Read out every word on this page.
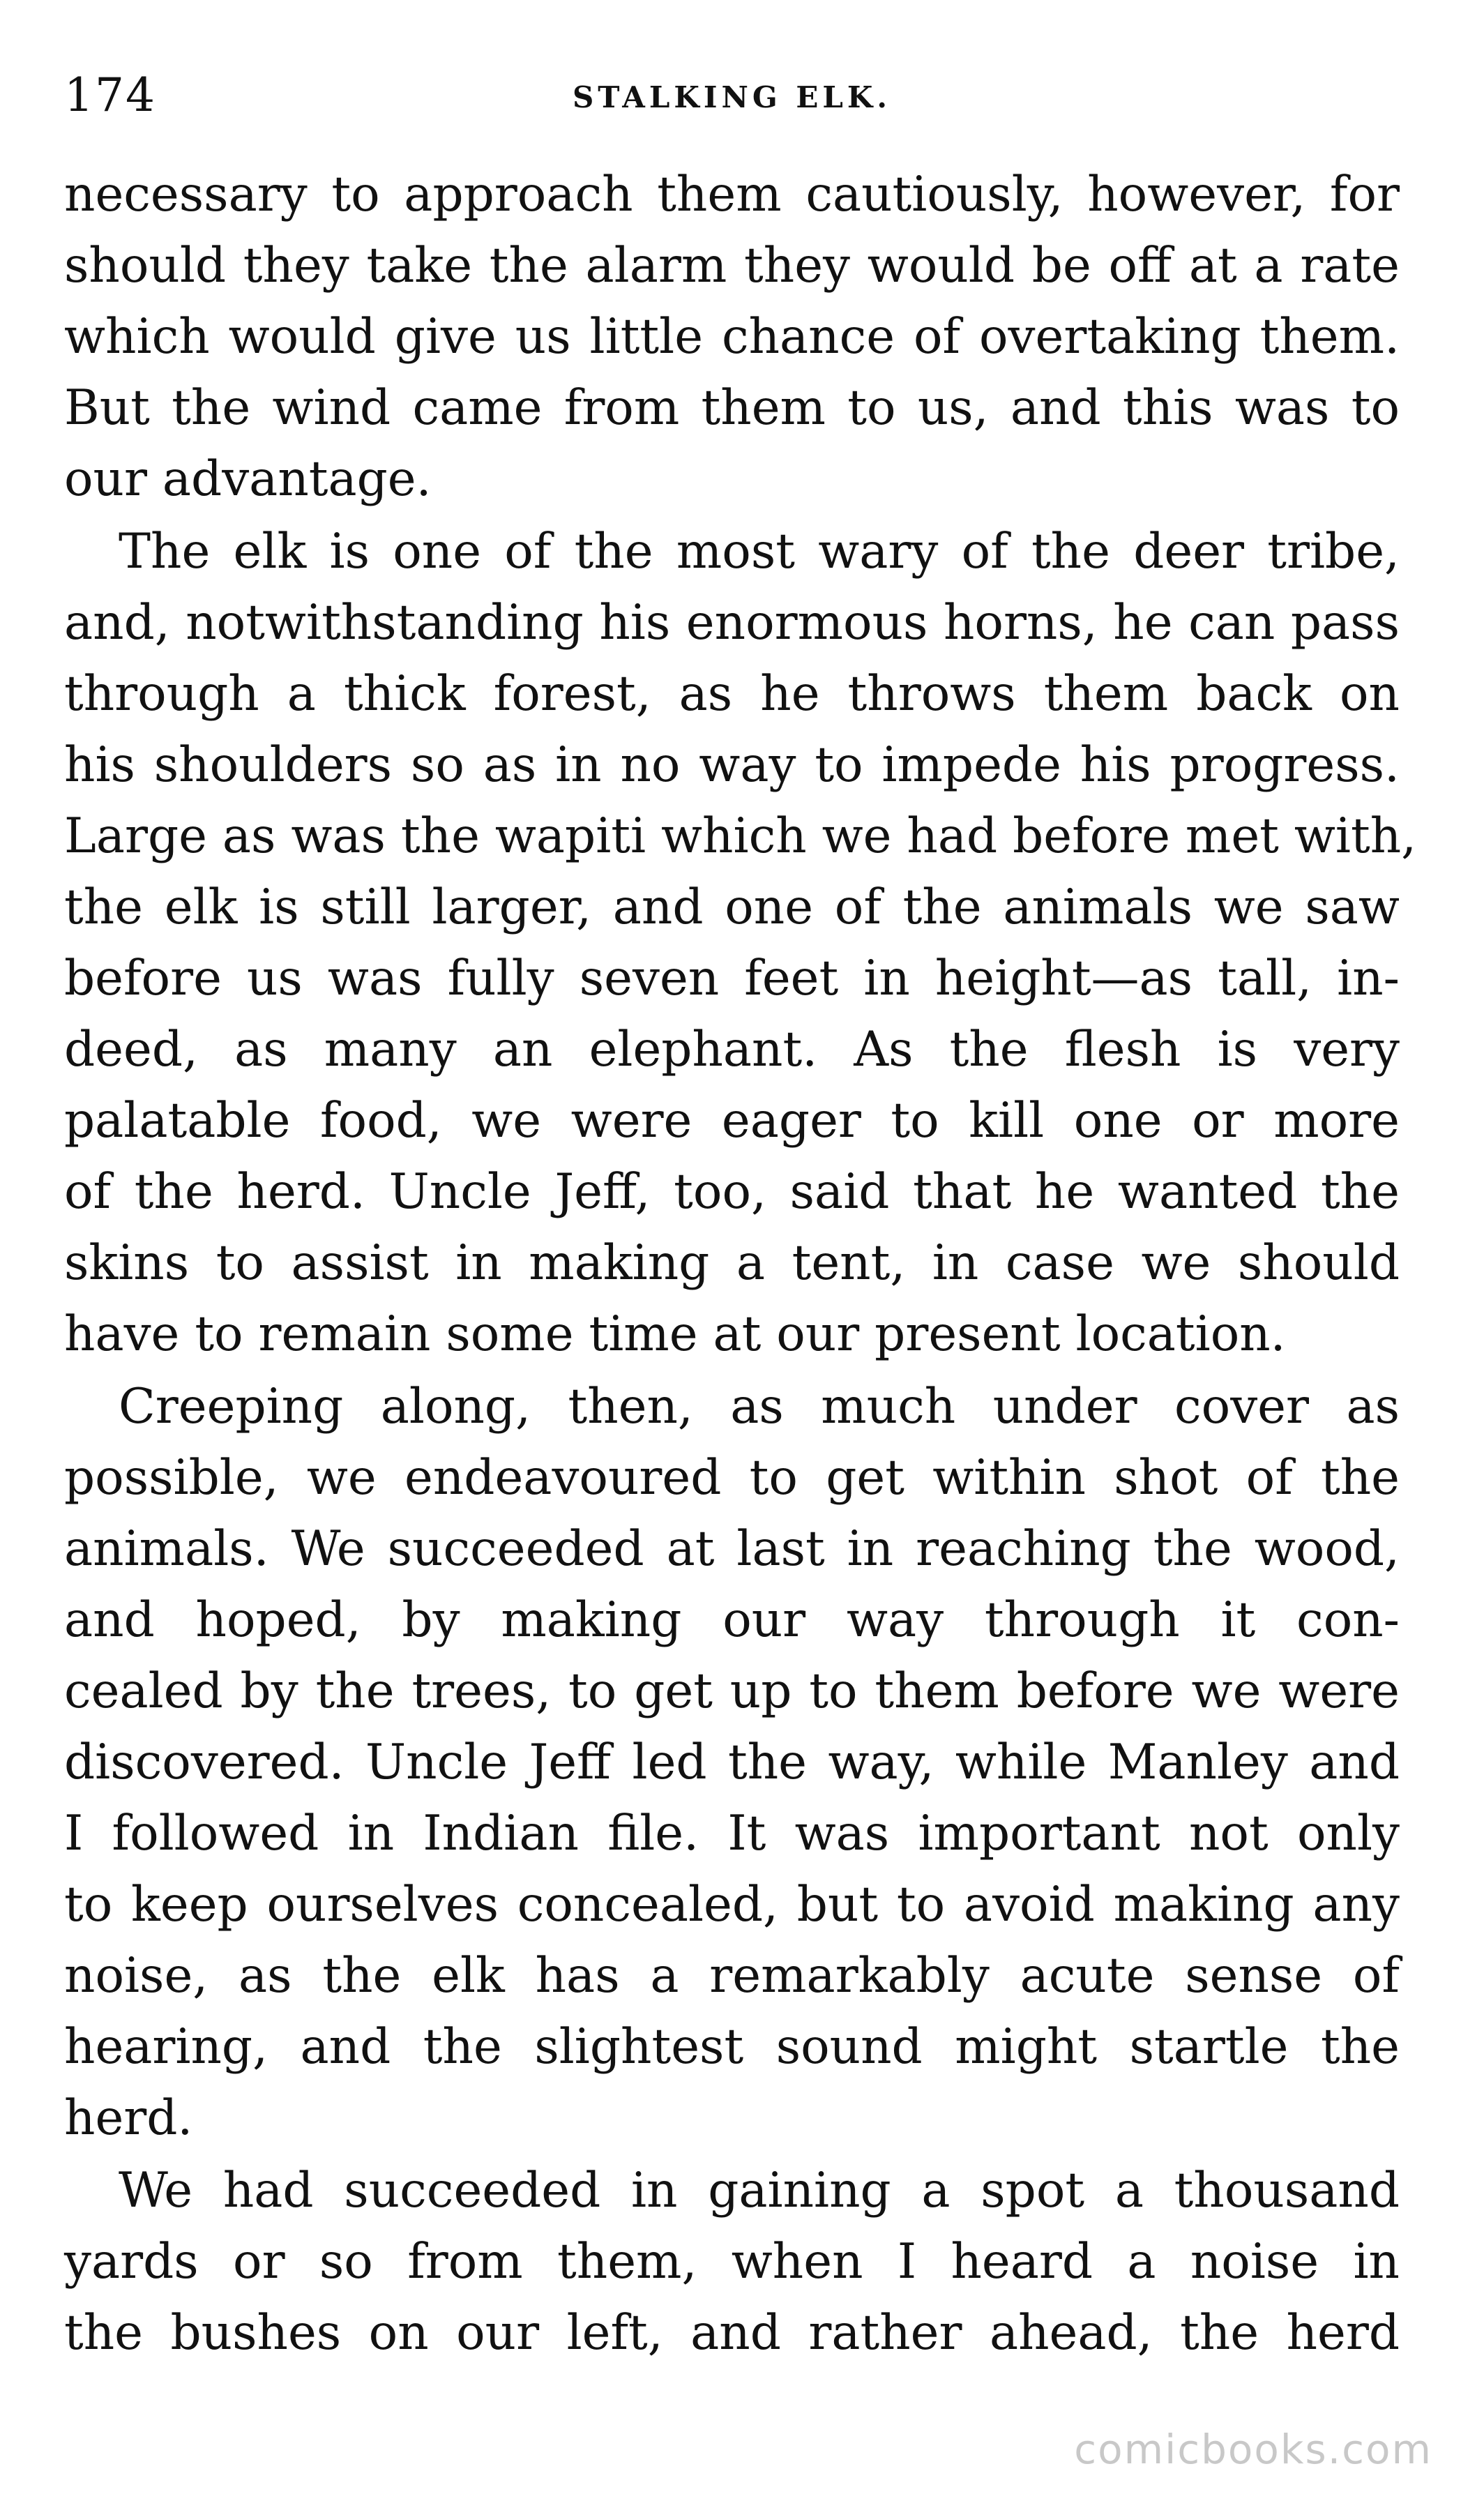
174	STALKING ELK.
necessary to approach them cautiously, however, for
should they take the alarm they would be off at a rate
which would give us little chance of overtaking them.
But the wind came from them to us, and this was to
our advantage.
The elk is one of the most wary of the deer tribe,
and, notwithstanding his enormous horns, he can pass
through a thick forest, as he throws them back on
his shoulders so as in no way to impede his progress.
Large as was the wapiti which we had before met with,
the elk is still larger, and one of the animals we saw
before us was fully seven feet in height—as tall, in-
deed, as many an elephant. As the flesh is very
palatable food, we were eager to kill one or more
of the herd. Uncle Jeff, too, said that he wanted the
skins to assist in making a tent, in case we should
have to remain some time at our present location.
Creeping along, then, as much under cover as
possible, we endeavoured to get within shot of the
animals. We succeeded at last in reaching the wood,
and hoped, by making our way through it con-
cealed by the trees, to get up to them before we were
discovered. Uncle Jeff led the way, while Manley and
I followed in Indian file. It was important not only
to keep ourselves concealed, but to avoid making any
noise, as the elk has a remarkably acute sense of
hearing, and the slightest sound might startle the
herd.
We had succeeded in gaining a spot a thousand
yards or so from them, when I heard a noise in
the bushes on our left, and rather ahead, the herd
comicbooks.com
